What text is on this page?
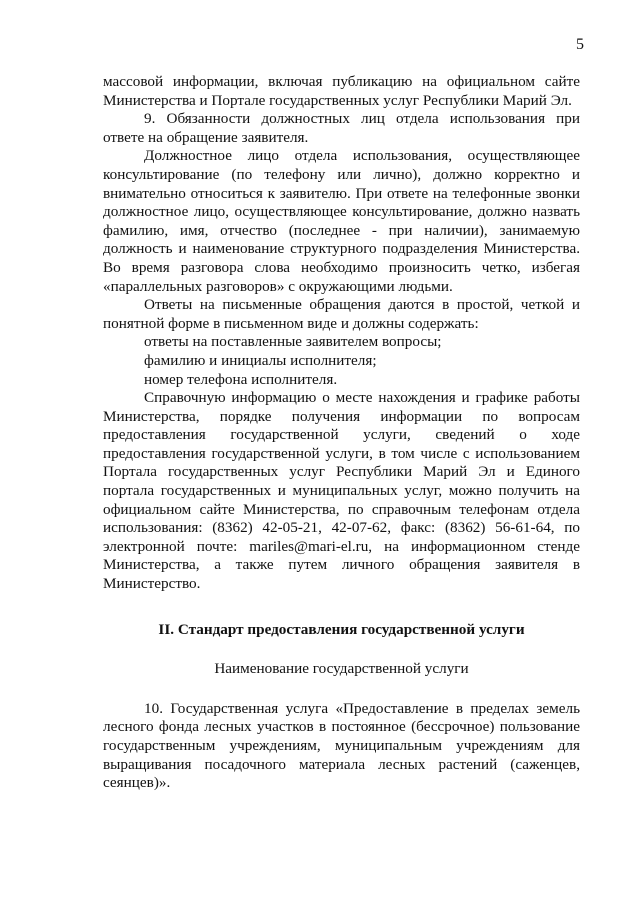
5

массовой информации, включая публикацию на официальном сайте Министерства и Портале государственных услуг Республики Марий Эл.

9. Обязанности должностных лиц отдела использования при ответе на обращение заявителя.

Должностное лицо отдела использования, осуществляющее консультирование (по телефону или лично), должно корректно и внимательно относиться к заявителю. При ответе на телефонные звонки должностное лицо, осуществляющее консультирование, должно назвать фамилию, имя, отчество (последнее - при наличии), занимаемую должность и наименование структурного подразделения Министерства. Во время разговора слова необходимо произносить четко, избегая «параллельных разговоров» с окружающими людьми.

Ответы на письменные обращения даются в простой, четкой и понятной форме в письменном виде и должны содержать:

ответы на поставленные заявителем вопросы;

фамилию и инициалы исполнителя;

номер телефона исполнителя.

Справочную информацию о месте нахождения и графике работы Министерства, порядке получения информации по вопросам предоставления государственной услуги, сведений о ходе предоставления государственной услуги, в том числе с использованием Портала государственных услуг Республики Марий Эл и Единого портала государственных и муниципальных услуг, можно получить на официальном сайте Министерства, по справочным телефонам отдела использования: (8362) 42-05-21, 42-07-62, факс: (8362) 56-61-64, по электронной почте: mariles@mari-el.ru, на информационном стенде Министерства, а также путем личного обращения заявителя в Министерство.

II. Стандарт предоставления государственной услуги

Наименование государственной услуги

10. Государственная услуга «Предоставление в пределах земель лесного фонда лесных участков в постоянное (бессрочное) пользование государственным учреждениям, муниципальным учреждениям для выращивания посадочного материала лесных растений (саженцев, сеянцев)».
